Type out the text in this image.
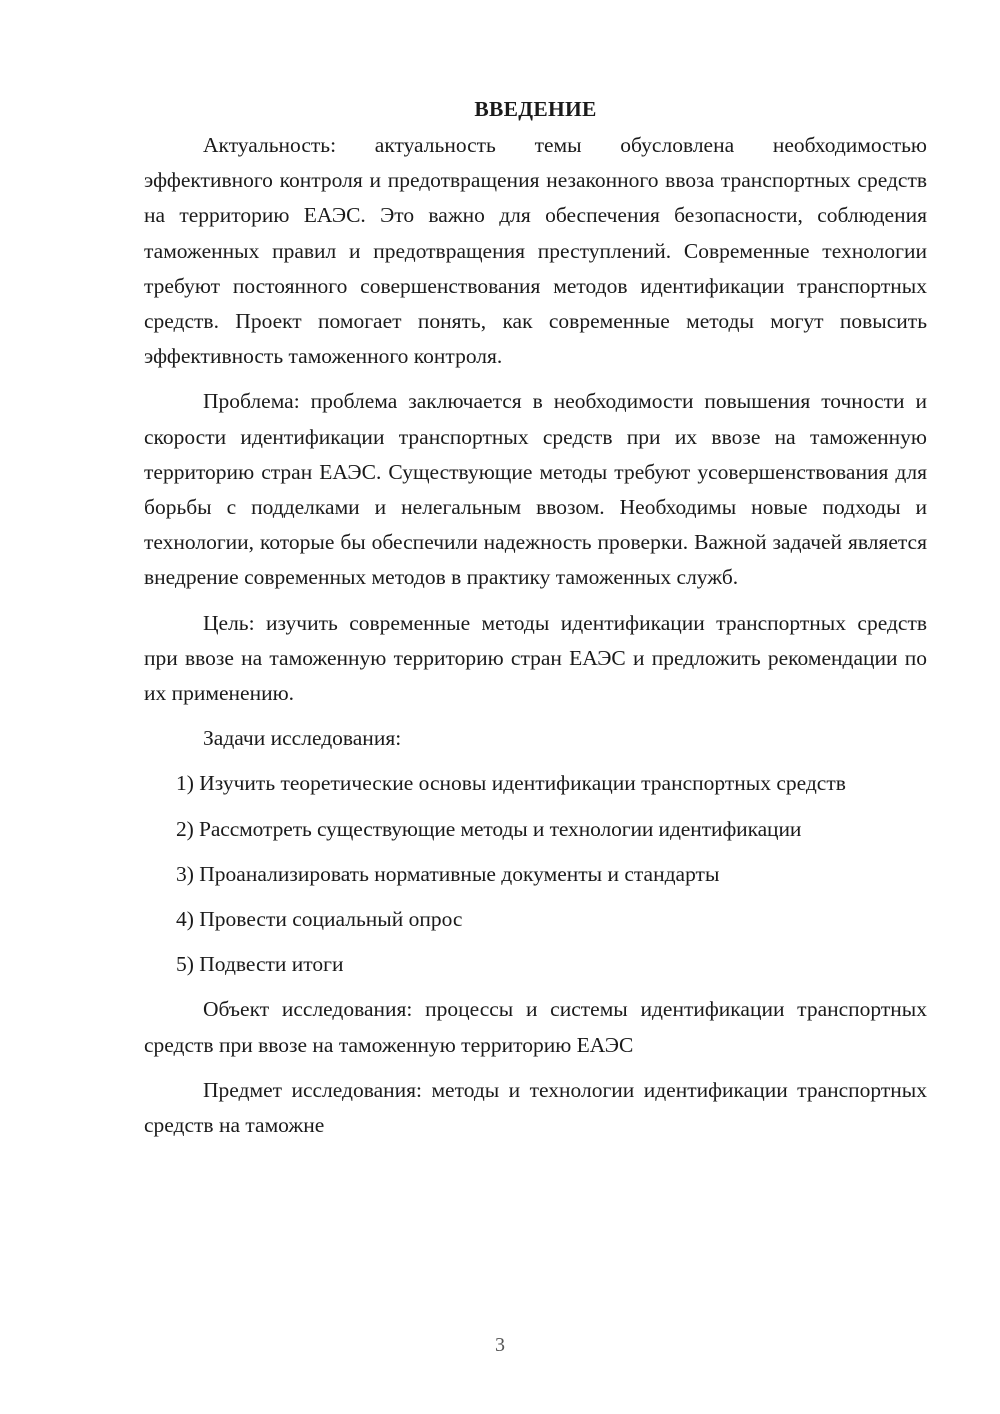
ВВЕДЕНИЕ

Актуальность: актуальность темы обусловлена необходимостью эффективного контроля и предотвращения незаконного ввоза транспортных средств на территорию ЕАЭС. Это важно для обеспечения безопасности, соблюдения таможенных правил и предотвращения преступлений. Современные технологии требуют постоянного совершенствования методов идентификации транспортных средств. Проект помогает понять, как современные методы могут повысить эффективность таможенного контроля.

Проблема: проблема заключается в необходимости повышения точности и скорости идентификации транспортных средств при их ввозе на таможенную территорию стран ЕАЭС. Существующие методы требуют усовершенствования для борьбы с подделками и нелегальным ввозом. Необходимы новые подходы и технологии, которые бы обеспечили надежность проверки. Важной задачей является внедрение современных методов в практику таможенных служб.

Цель: изучить современные методы идентификации транспортных средств при ввозе на таможенную территорию стран ЕАЭС и предложить рекомендации по их применению.

Задачи исследования:

1) Изучить теоретические основы идентификации транспортных средств

2) Рассмотреть существующие методы и технологии идентификации

3) Проанализировать нормативные документы и стандарты

4) Провести социальный опрос

5) Подвести итоги

Объект исследования: процессы и системы идентификации транспортных средств при ввозе на таможенную территорию ЕАЭС

Предмет исследования: методы и технологии идентификации транспортных средств на таможне

3
